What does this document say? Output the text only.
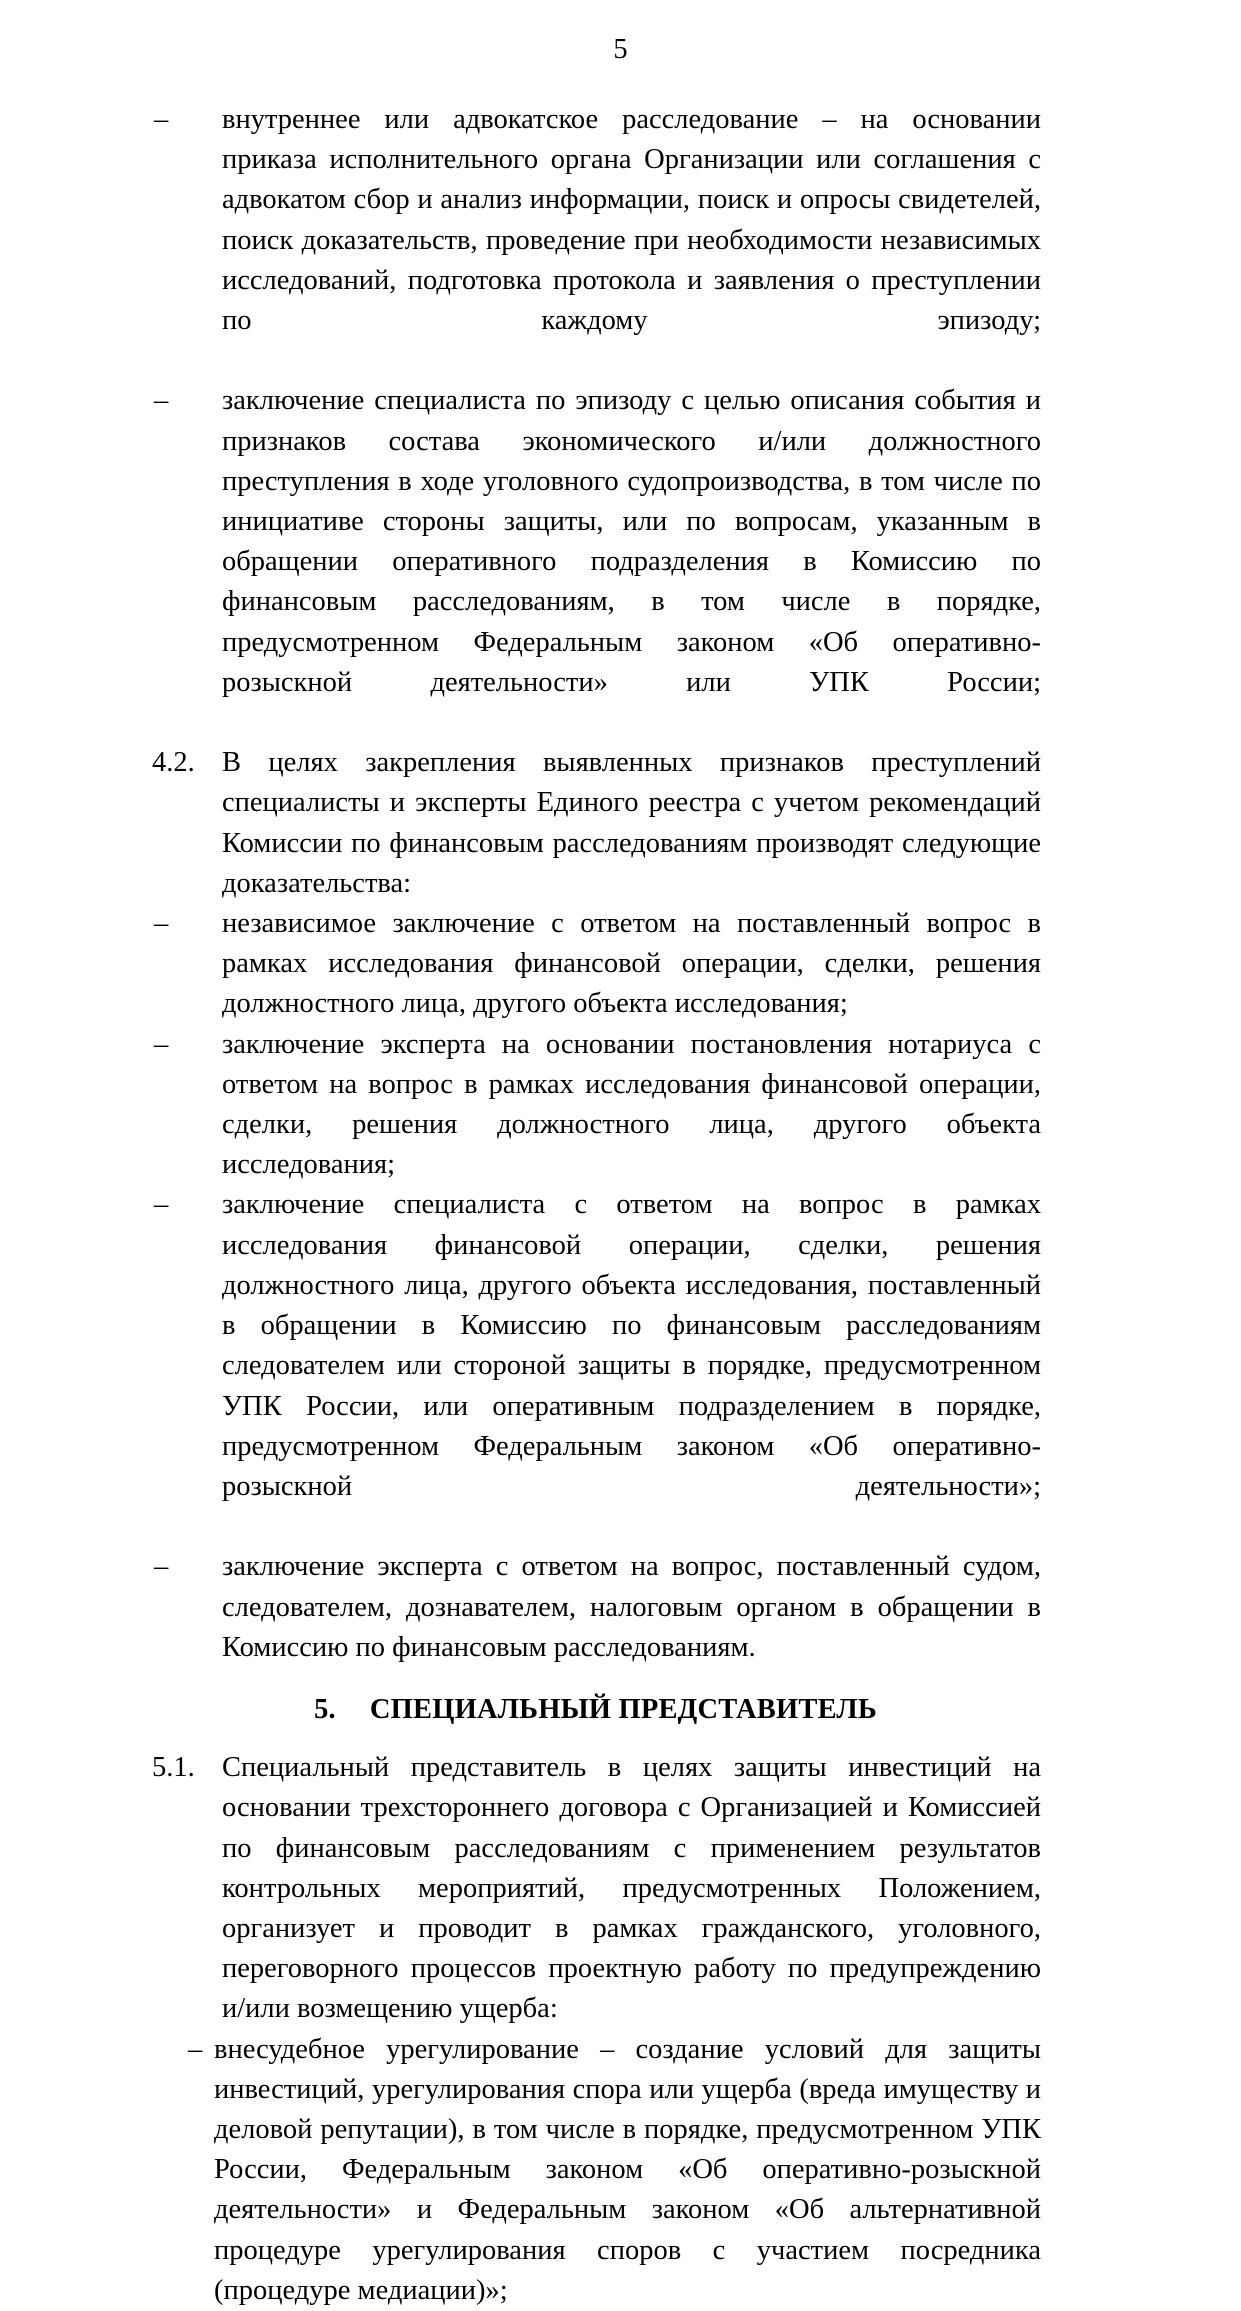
5
–	внутреннее или адвокатское расследование – на основании приказа исполнительного органа Организации или соглашения с адвокатом сбор и анализ информации, поиск и опросы свидетелей, поиск доказательств, проведение при необходимости независимых исследований, подготовка протокола и заявления о преступлении по каждому эпизоду;
–	заключение специалиста по эпизоду с целью описания события и признаков состава экономического и/или должностного преступления в ходе уголовного судопроизводства, в том числе по инициативе стороны защиты, или по вопросам, указанным в обращении оперативного подразделения в Комиссию по финансовым расследованиям, в том числе в порядке, предусмотренном Федеральным законом «Об оперативно-розыскной деятельности» или УПК России;
4.2. В целях закрепления выявленных признаков преступлений специалисты и эксперты Единого реестра с учетом рекомендаций Комиссии по финансовым расследованиям производят следующие доказательства:
–	независимое заключение с ответом на поставленный вопрос в рамках исследования финансовой операции, сделки, решения должностного лица, другого объекта исследования;
–	заключение эксперта на основании постановления нотариуса с ответом на вопрос в рамках исследования финансовой операции, сделки, решения должностного лица, другого объекта исследования;
–	заключение специалиста с ответом на вопрос в рамках исследования финансовой операции, сделки, решения должностного лица, другого объекта исследования, поставленный в обращении в Комиссию по финансовым расследованиям следователем или стороной защиты в порядке, предусмотренном УПК России, или оперативным подразделением в порядке, предусмотренном Федеральным законом «Об оперативно-розыскной деятельности»;
–	заключение эксперта с ответом на вопрос, поставленный судом, следователем, дознавателем, налоговым органом в обращении в Комиссию по финансовым расследованиям.
5. СПЕЦИАЛЬНЫЙ ПРЕДСТАВИТЕЛЬ
5.1. Специальный представитель в целях защиты инвестиций на основании трехстороннего договора с Организацией и Комиссией по финансовым расследованиям с применением результатов контрольных мероприятий, предусмотренных Положением, организует и проводит в рамках гражданского, уголовного, переговорного процессов проектную работу по предупреждению и/или возмещению ущерба:
– внесудебное урегулирование – создание условий для защиты инвестиций, урегулирования спора или ущерба (вреда имуществу и деловой репутации), в том числе в порядке, предусмотренном УПК России, Федеральным законом «Об оперативно-розыскной деятельности» и Федеральным законом «Об альтернативной процедуре урегулирования споров с участием посредника (процедуре медиации)»;
